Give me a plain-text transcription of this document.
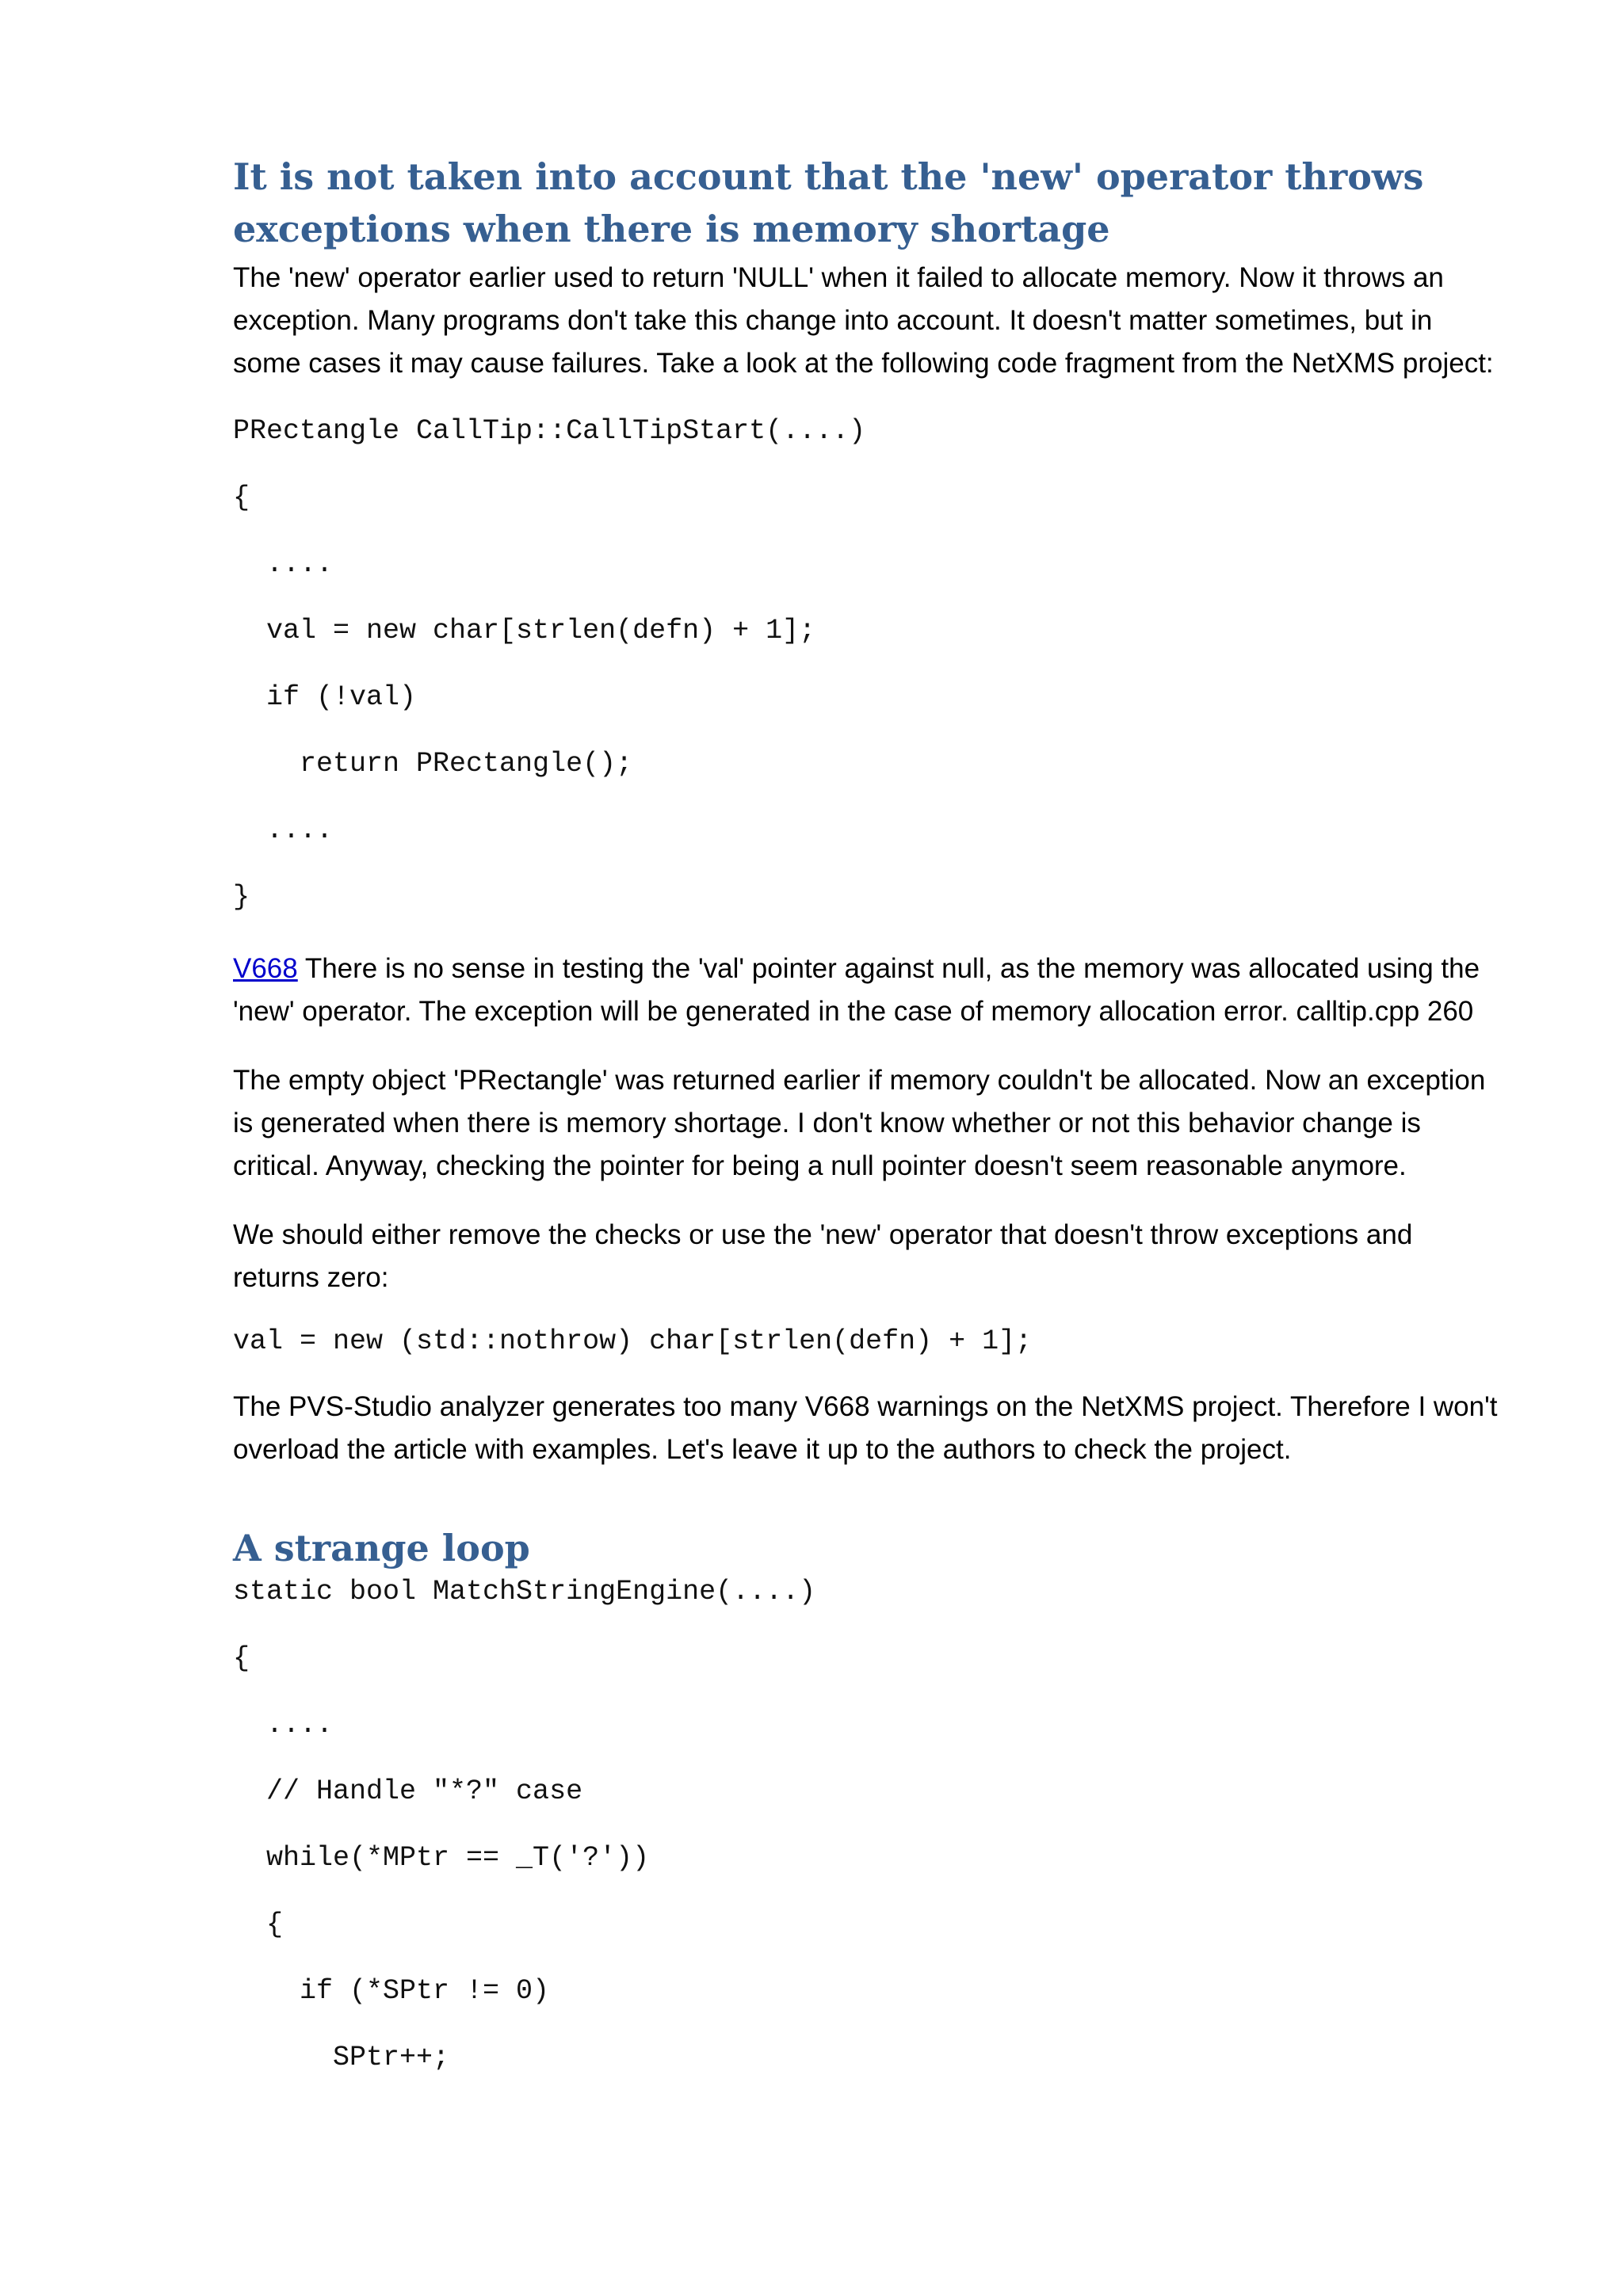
It is not taken into account that the 'new' operator throws exceptions when there is memory shortage

The 'new' operator earlier used to return 'NULL' when it failed to allocate memory. Now it throws an exception. Many programs don't take this change into account. It doesn't matter sometimes, but in some cases it may cause failures. Take a look at the following code fragment from the NetXMS project:

PRectangle CallTip::CallTipStart(....)
{
....
val = new char[strlen(defn) + 1];
if (!val)
return PRectangle();
....
}

V668 There is no sense in testing the 'val' pointer against null, as the memory was allocated using the 'new' operator. The exception will be generated in the case of memory allocation error. calltip.cpp 260

The empty object 'PRectangle' was returned earlier if memory couldn't be allocated. Now an exception is generated when there is memory shortage. I don't know whether or not this behavior change is critical. Anyway, checking the pointer for being a null pointer doesn't seem reasonable anymore.

We should either remove the checks or use the 'new' operator that doesn't throw exceptions and returns zero:

val = new (std::nothrow) char[strlen(defn) + 1];

The PVS-Studio analyzer generates too many V668 warnings on the NetXMS project. Therefore I won't overload the article with examples. Let's leave it up to the authors to check the project.

A strange loop
static bool MatchStringEngine(....)
{
....
// Handle "*?" case
while(*MPtr == _T('?'))
{
if (*SPtr != 0)
SPtr++;
